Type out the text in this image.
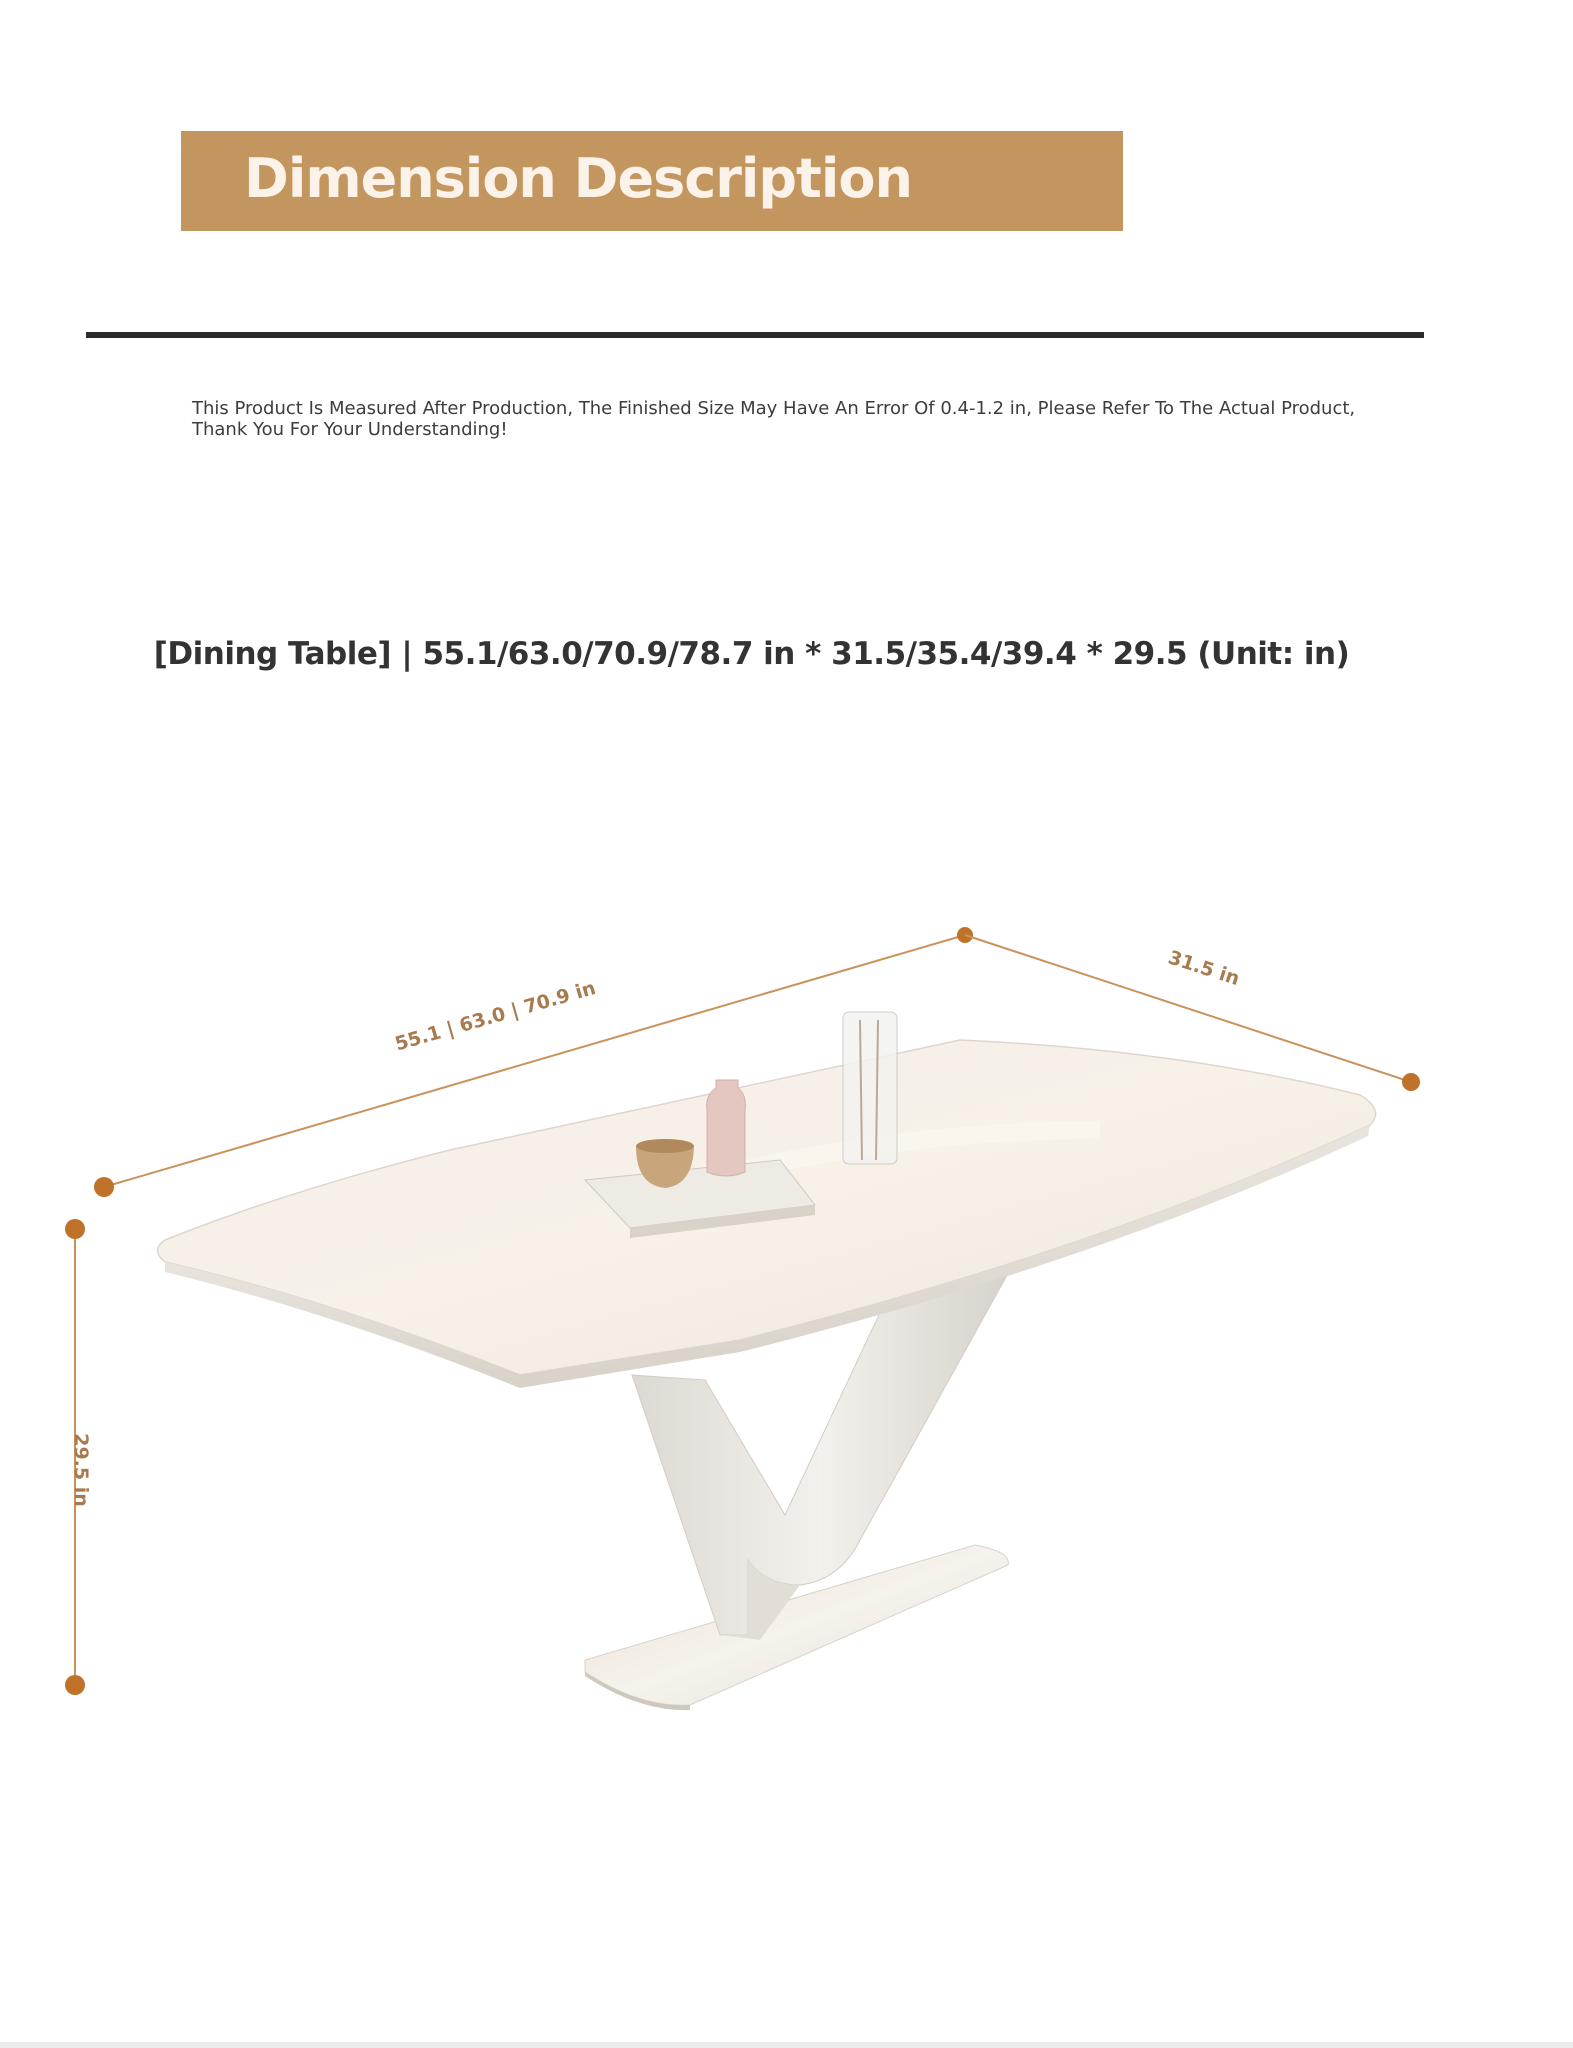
Dimension Description
This Product Is Measured After Production, The Finished Size May Have An Error Of 0.4-1.2 in, Please Refer To The Actual Product, Thank You For Your Understanding!
[Dining Table] | 55.1/63.0/70.9/78.7 in * 31.5/35.4/39.4 * 29.5 (Unit: in)
55.1 | 63.0 | 70.9 in
31.5 in
29.5 in
